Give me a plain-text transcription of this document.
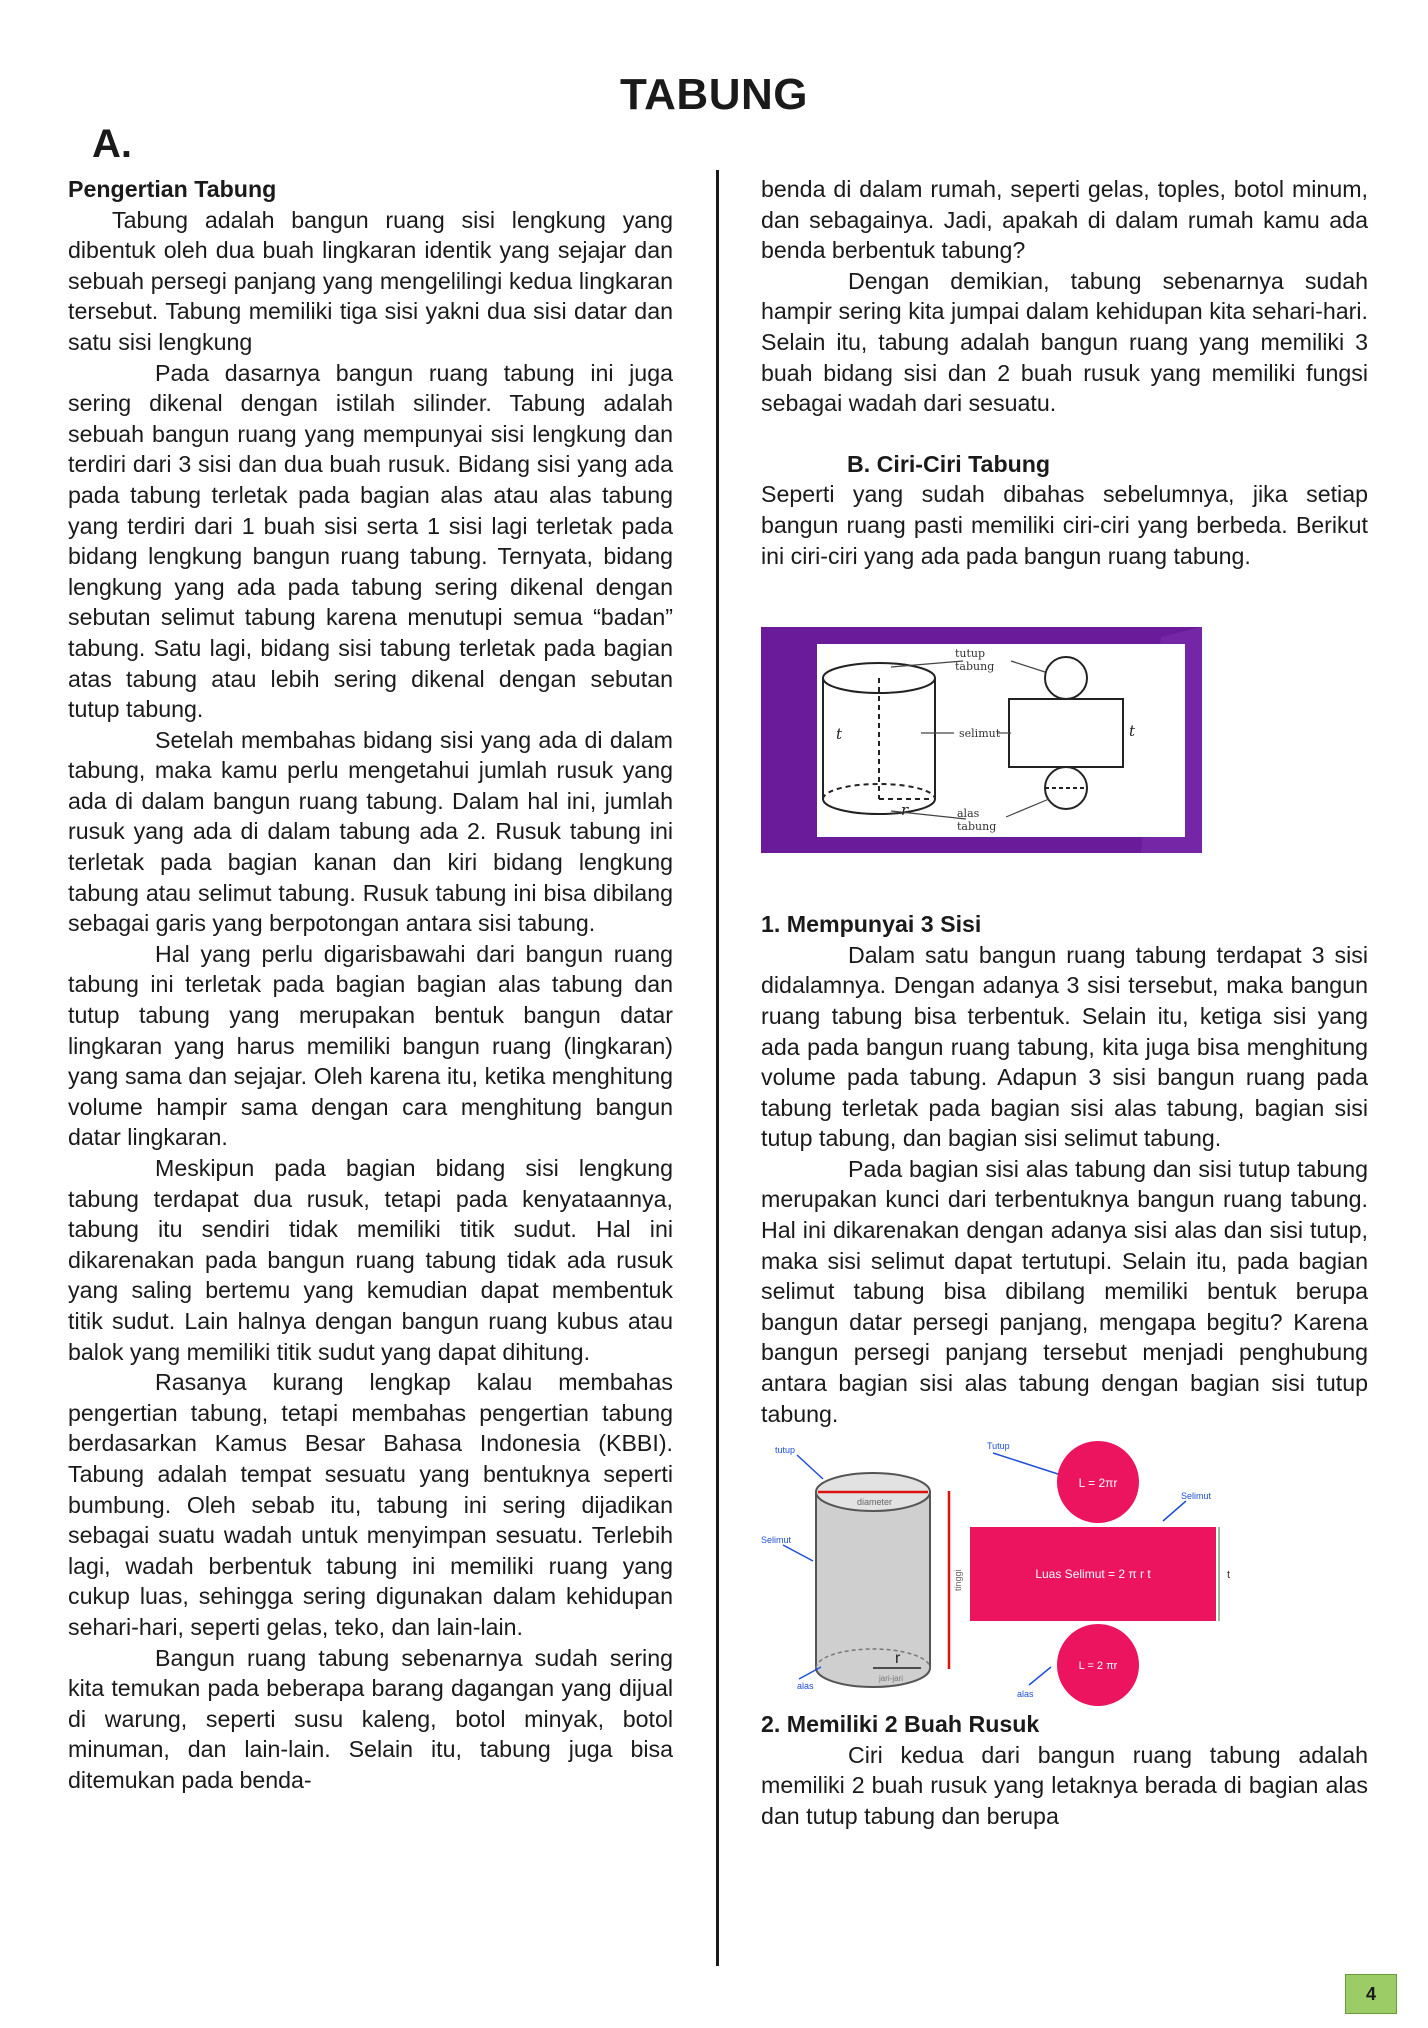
TABUNG
A.
Pengertian Tabung

Tabung adalah bangun ruang sisi lengkung yang dibentuk oleh dua buah lingkaran identik yang sejajar dan sebuah persegi panjang yang mengelilingi kedua lingkaran tersebut. Tabung memiliki tiga sisi yakni dua sisi datar dan satu sisi lengkung

Pada dasarnya bangun ruang tabung ini juga sering dikenal dengan istilah silinder. Tabung adalah sebuah bangun ruang yang mempunyai sisi lengkung dan terdiri dari 3 sisi dan dua buah rusuk. Bidang sisi yang ada pada tabung terletak pada bagian alas atau alas tabung yang terdiri dari 1 buah sisi serta 1 sisi lagi terletak pada bidang lengkung bangun ruang tabung. Ternyata, bidang lengkung yang ada pada tabung sering dikenal dengan sebutan selimut tabung karena menutupi semua “badan” tabung. Satu lagi, bidang sisi tabung terletak pada bagian atas tabung atau lebih sering dikenal dengan sebutan tutup tabung.

Setelah membahas bidang sisi yang ada di dalam tabung, maka kamu perlu mengetahui jumlah rusuk yang ada di dalam bangun ruang tabung. Dalam hal ini, jumlah rusuk yang ada di dalam tabung ada 2. Rusuk tabung ini terletak pada bagian kanan dan kiri bidang lengkung tabung atau selimut tabung. Rusuk tabung ini bisa dibilang sebagai garis yang berpotongan antara sisi tabung.

Hal yang perlu digarisbawahi dari bangun ruang tabung ini terletak pada bagian bagian alas tabung dan tutup tabung yang merupakan bentuk bangun datar lingkaran yang harus memiliki bangun ruang (lingkaran) yang sama dan sejajar. Oleh karena itu, ketika menghitung volume hampir sama dengan cara menghitung bangun datar lingkaran.

Meskipun pada bagian bidang sisi lengkung tabung terdapat dua rusuk, tetapi pada kenyataannya, tabung itu sendiri tidak memiliki titik sudut. Hal ini dikarenakan pada bangun ruang tabung tidak ada rusuk yang saling bertemu yang kemudian dapat membentuk titik sudut. Lain halnya dengan bangun ruang kubus atau balok yang memiliki titik sudut yang dapat dihitung.

Rasanya kurang lengkap kalau membahas pengertian tabung, tetapi membahas pengertian tabung berdasarkan Kamus Besar Bahasa Indonesia (KBBI). Tabung adalah tempat sesuatu yang bentuknya seperti bumbung. Oleh sebab itu, tabung ini sering dijadikan sebagai suatu wadah untuk menyimpan sesuatu. Terlebih lagi, wadah berbentuk tabung ini memiliki ruang yang cukup luas, sehingga sering digunakan dalam kehidupan sehari-hari, seperti gelas, teko, dan lain-lain.

Bangun ruang tabung sebenarnya sudah sering kita temukan pada beberapa barang dagangan yang dijual di warung, seperti susu kaleng, botol minyak, botol minuman, dan lain-lain. Selain itu, tabung juga bisa ditemukan pada benda-

benda di dalam rumah, seperti gelas, toples, botol minum, dan sebagainya. Jadi, apakah di dalam rumah kamu ada benda berbentuk tabung?

Dengan demikian, tabung sebenarnya sudah hampir sering kita jumpai dalam kehidupan kita sehari-hari. Selain itu, tabung adalah bangun ruang yang memiliki 3 buah bidang sisi dan 2 buah rusuk yang memiliki fungsi sebagai wadah dari sesuatu.

B. Ciri-Ciri Tabung

Seperti yang sudah dibahas sebelumnya, jika setiap bangun ruang pasti memiliki ciri-ciri yang berbeda. Berikut ini ciri-ciri yang ada pada bangun ruang tabung.

tutup
tabung
selimut
t	t
r	alas
tabung
1. Mempunyai 3 Sisi

Dalam satu bangun ruang tabung terdapat 3 sisi didalamnya. Dengan adanya 3 sisi tersebut, maka bangun ruang tabung bisa terbentuk. Selain itu, ketiga sisi yang ada pada bangun ruang tabung, kita juga bisa menghitung volume pada tabung. Adapun 3 sisi bangun ruang pada tabung terletak pada bagian sisi alas tabung, bagian sisi tutup tabung, dan bagian sisi selimut tabung.

Pada bagian sisi alas tabung dan sisi tutup tabung merupakan kunci dari terbentuknya bangun ruang tabung. Hal ini dikarenakan dengan adanya sisi alas dan sisi tutup, maka sisi selimut dapat tertutupi. Selain itu, pada bagian selimut tabung bisa dibilang memiliki bentuk berupa bangun datar persegi panjang, mengapa begitu? Karena bangun persegi panjang tersebut menjadi penghubung antara bagian sisi alas tabung dengan bagian sisi tutup tabung.

diameter
tinggi
r
jari-jari
tutup	Tutup
Selimut
Selimut
alas
alas
L = 2πr
Luas Selimut = 2 π r t	t
L = 2 πr
2. Memiliki 2 Buah Rusuk

Ciri kedua dari bangun ruang tabung adalah memiliki 2 buah rusuk yang letaknya berada di bagian alas dan tutup tabung dan berupa

4
